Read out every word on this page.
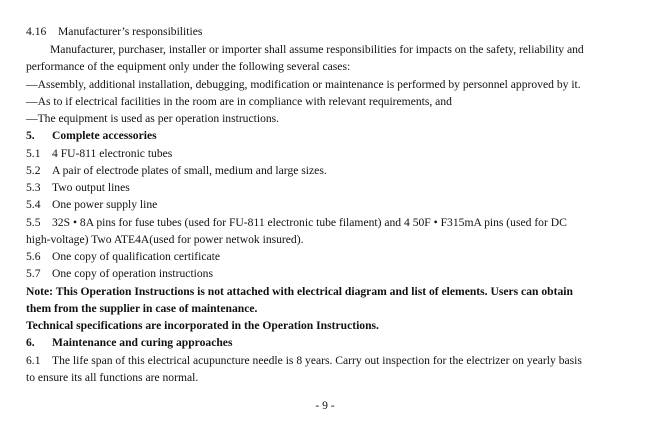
4.16 Manufacturer’s responsibilities
Manufacturer, purchaser, installer or importer shall assume responsibilities for impacts on the safety, reliability and
performance of the equipment only under the following several cases:
—Assembly, additional installation, debugging, modification or maintenance is performed by personnel approved by it.
—As to if electrical facilities in the room are in compliance with relevant requirements, and
—The equipment is used as per operation instructions.
5. Complete accessories
5.1 4 FU-811 electronic tubes
5.2 A pair of electrode plates of small, medium and large sizes.
5.3 Two output lines
5.4 One power supply line
5.5 32S • 8A pins for fuse tubes (used for FU-811 electronic tube filament) and 4 50F • F315mA pins (used for DC
high-voltage) Two ATE4A(used for power netwok insured).
5.6 One copy of qualification certificate
5.7 One copy of operation instructions
Note: This Operation Instructions is not attached with electrical diagram and list of elements. Users can obtain
them from the supplier in case of maintenance.
Technical specifications are incorporated in the Operation Instructions.
6. Maintenance and curing approaches
6.1 The life span of this electrical acupuncture needle is 8 years. Carry out inspection for the electrizer on yearly basis
to ensure its all functions are normal.
- 9 -
